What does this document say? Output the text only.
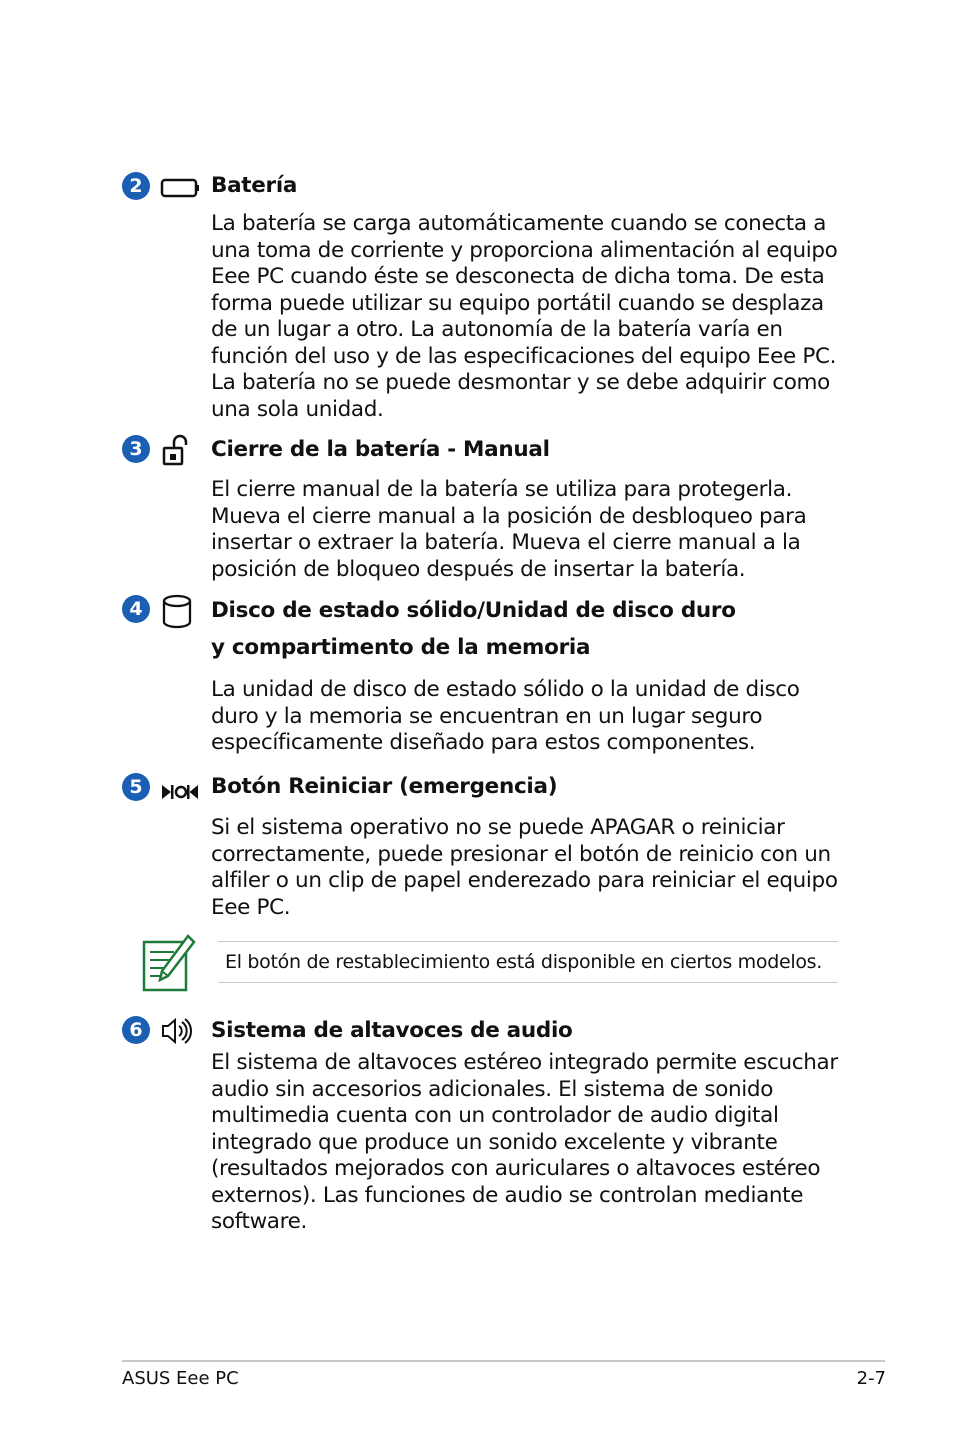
2	Batería

La batería se carga automáticamente cuando se conecta a una toma de corriente y proporciona alimentación al equipo Eee PC cuando éste se desconecta de dicha toma. De esta forma puede utilizar su equipo portátil cuando se desplaza de un lugar a otro. La autonomía de la batería varía en función del uso y de las especificaciones del equipo Eee PC. La batería no se puede desmontar y se debe adquirir como una sola unidad.

3	Cierre de la batería - Manual

El cierre manual de la batería se utiliza para protegerla. Mueva el cierre manual a la posición de desbloqueo para insertar o extraer la batería. Mueva el cierre manual a la posición de bloqueo después de insertar la batería.

4	Disco de estado sólido/Unidad de disco duro
y compartimento de la memoria

La unidad de disco de estado sólido o la unidad de disco duro y la memoria se encuentran en un lugar seguro específicamente diseñado para estos componentes.

5	Botón Reiniciar (emergencia)

Si el sistema operativo no se puede APAGAR o reiniciar correctamente, puede presionar el botón de reinicio con un alfiler o un clip de papel enderezado para reiniciar el equipo Eee PC.

El botón de restablecimiento está disponible en ciertos modelos.
6	Sistema de altavoces de audio

El sistema de altavoces estéreo integrado permite escuchar audio sin accesorios adicionales. El sistema de sonido multimedia cuenta con un controlador de audio digital integrado que produce un sonido excelente y vibrante (resultados mejorados con auriculares o altavoces estéreo externos). Las funciones de audio se controlan mediante software.

ASUS Eee PC	2-7
